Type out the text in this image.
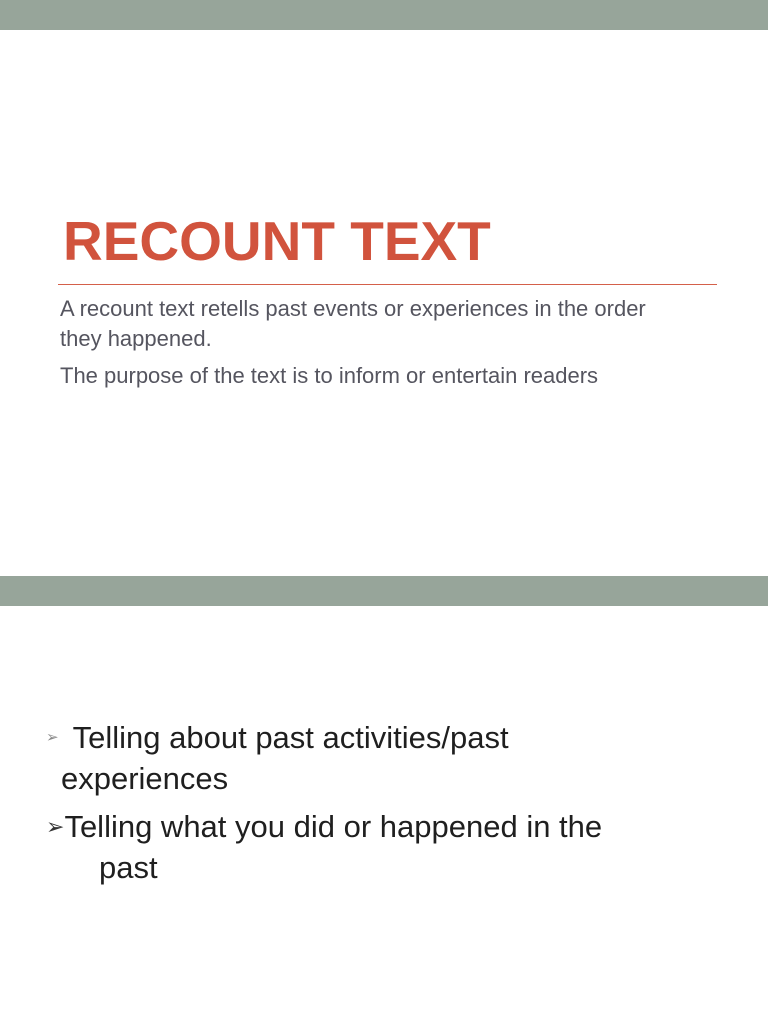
RECOUNT TEXT

A recount text retells past events or experiences in the order they happened.

The purpose of the text is to inform or entertain readers

➢ Telling about past activities/past
experiences

➢Telling what you did or happened in the
past
